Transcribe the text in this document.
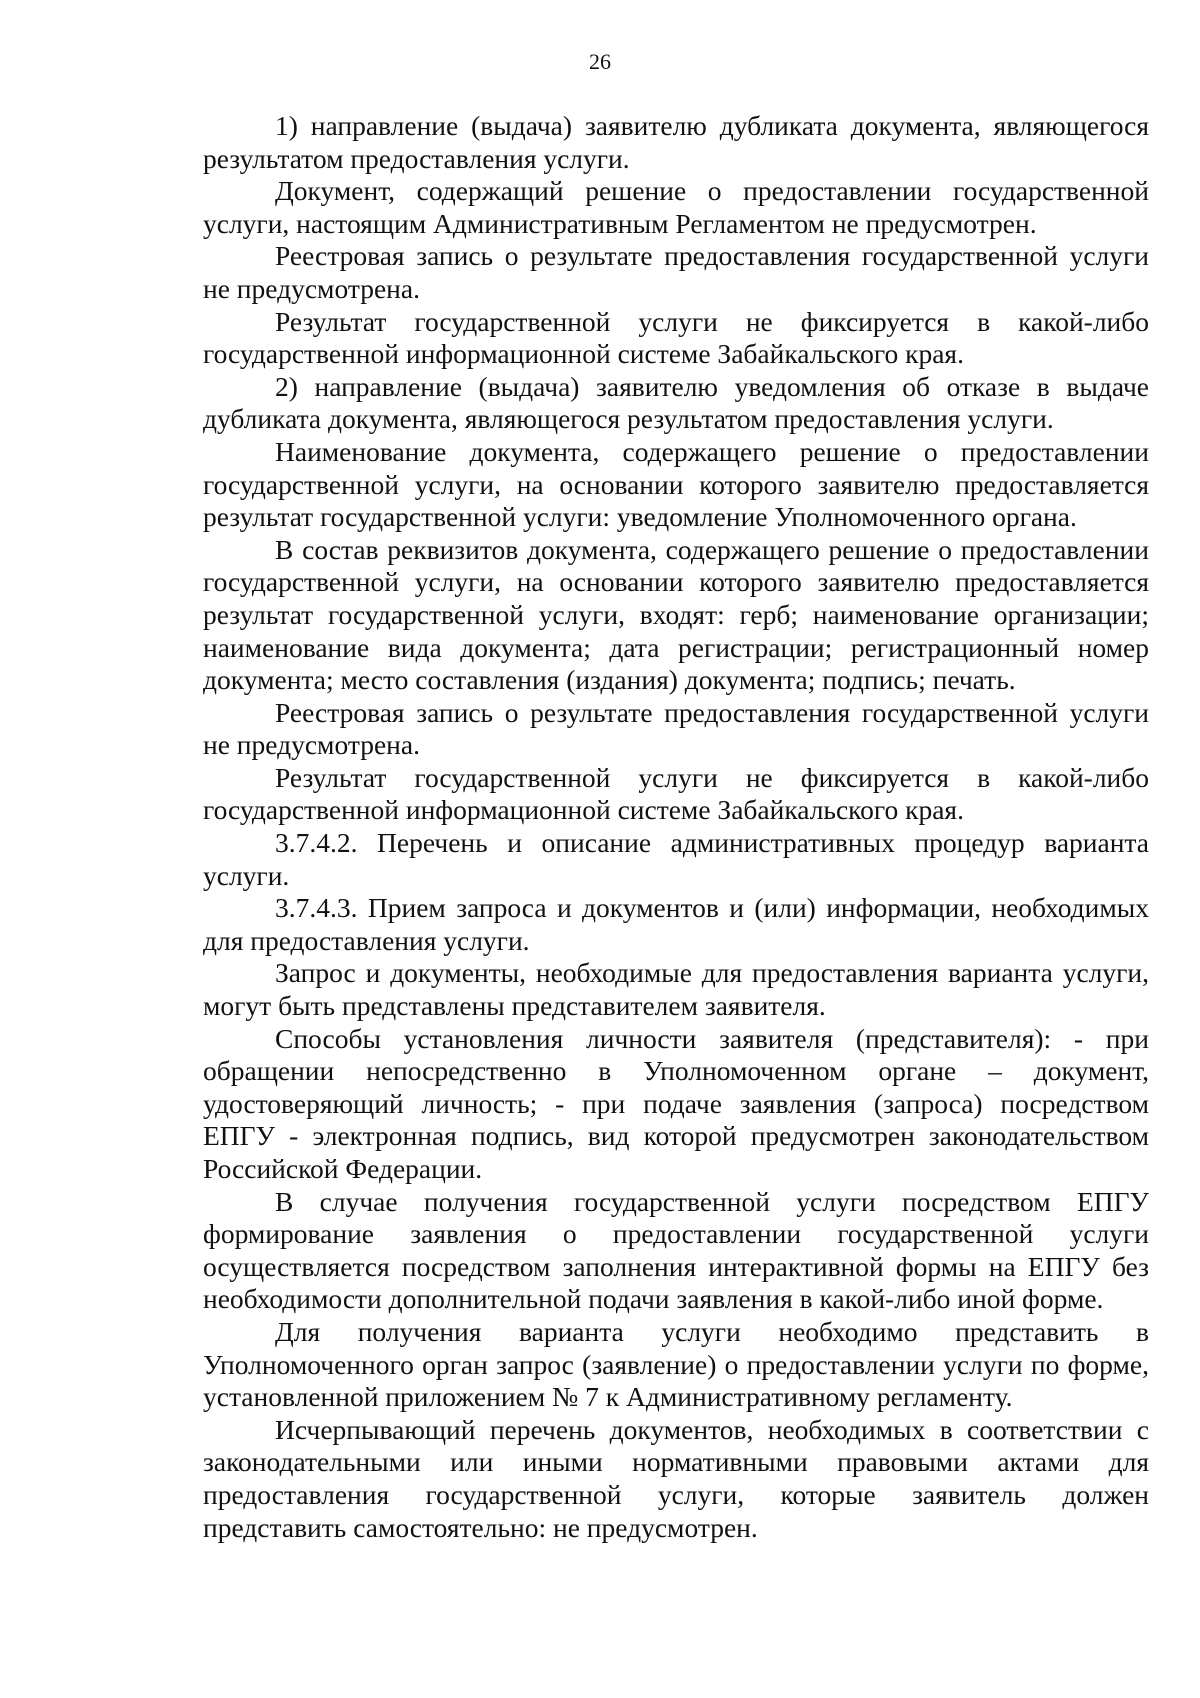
26

1) направление (выдача) заявителю дубликата документа, являющегося результатом предоставления услуги.

Документ, содержащий решение о предоставлении государственной услуги, настоящим Административным Регламентом не предусмотрен.

Реестровая запись о результате предоставления государственной услуги не предусмотрена.

Результат государственной услуги не фиксируется в какой-либо государственной информационной системе Забайкальского края.

2) направление (выдача) заявителю уведомления об отказе в выдаче дубликата документа, являющегося результатом предоставления услуги.

Наименование документа, содержащего решение о предоставлении государственной услуги, на основании которого заявителю предоставляется результат государственной услуги: уведомление Уполномоченного органа.

В состав реквизитов документа, содержащего решение о предоставлении государственной услуги, на основании которого заявителю предоставляется результат государственной услуги, входят: герб; наименование организации; наименование вида документа; дата регистрации; регистрационный номер документа; место составления (издания) документа; подпись; печать.

Реестровая запись о результате предоставления государственной услуги не предусмотрена.

Результат государственной услуги не фиксируется в какой-либо государственной информационной системе Забайкальского края.

3.7.4.2. Перечень и описание административных процедур варианта услуги.

3.7.4.3. Прием запроса и документов и (или) информации, необходимых для предоставления услуги.

Запрос и документы, необходимые для предоставления варианта услуги, могут быть представлены представителем заявителя.

Способы установления личности заявителя (представителя): - при обращении непосредственно в Уполномоченном органе – документ, удостоверяющий личность; - при подаче заявления (запроса) посредством ЕПГУ - электронная подпись, вид которой предусмотрен законодательством Российской Федерации.

В случае получения государственной услуги посредством ЕПГУ формирование заявления о предоставлении государственной услуги осуществляется посредством заполнения интерактивной формы на ЕПГУ без необходимости дополнительной подачи заявления в какой-либо иной форме.

Для получения варианта услуги необходимо представить в Уполномоченного орган запрос (заявление) о предоставлении услуги по форме, установленной приложением № 7 к Административному регламенту.

Исчерпывающий перечень документов, необходимых в соответствии с законодательными или иными нормативными правовыми актами для предоставления государственной услуги, которые заявитель должен представить самостоятельно: не предусмотрен.
